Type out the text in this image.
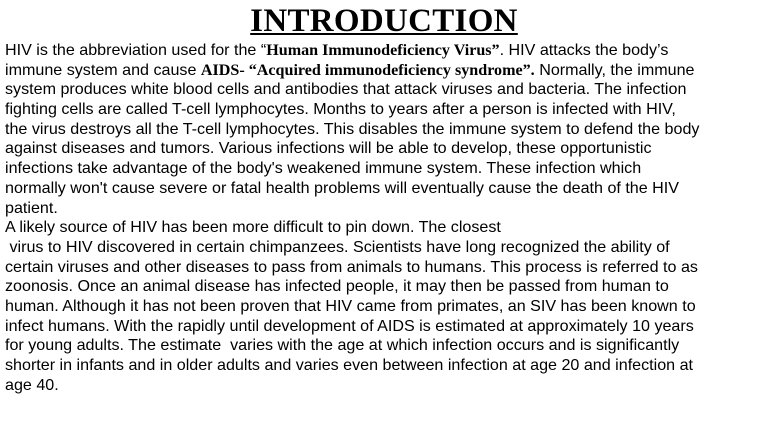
INTRODUCTION
HIV is the abbreviation used for the “Human Immunodeficiency Virus”. HIV attacks the body’s
immune system and cause AIDS- “Acquired immunodeficiency syndrome”. Normally, the immune
system produces white blood cells and antibodies that attack viruses and bacteria. The infection
fighting cells are called T-cell lymphocytes. Months to years after a person is infected with HIV,
the virus destroys all the T-cell lymphocytes. This disables the immune system to defend the body
against diseases and tumors. Various infections will be able to develop, these opportunistic
infections take advantage of the body's weakened immune system. These infection which
normally won't cause severe or fatal health problems will eventually cause the death of the HIV
patient.
A likely source of HIV has been more difficult to pin down. The closest
virus to HIV discovered in certain chimpanzees. Scientists have long recognized the ability of
certain viruses and other diseases to pass from animals to humans. This process is referred to as
zoonosis. Once an animal disease has infected people, it may then be passed from human to
human. Although it has not been proven that HIV came from primates, an SIV has been known to
infect humans. With the rapidly until development of AIDS is estimated at approximately 10 years
for young adults. The estimate  varies with the age at which infection occurs and is significantly
shorter in infants and in older adults and varies even between infection at age 20 and infection at
age 40.
